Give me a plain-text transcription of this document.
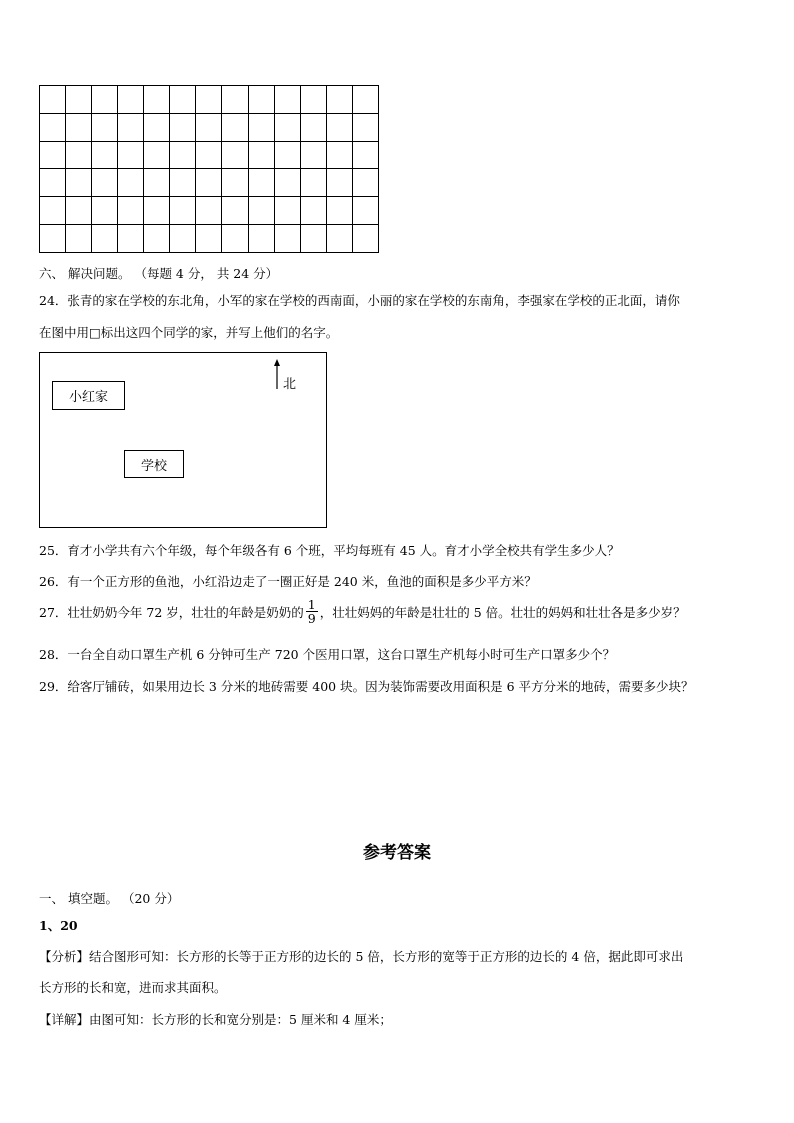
六、 解决问题。 （每题 4 分， 共 24 分）
24．张青的家在学校的东北角，小军的家在学校的西南面，小丽的家在学校的东南角，李强家在学校的正北面，请你
在图中用□标出这四个同学的家，并写上他们的名字。
小红家
学校
北
25．育才小学共有六个年级，每个年级各有 6 个班，平均每班有 45 人。育才小学全校共有学生多少人？
26．有一个正方形的鱼池，小红沿边走了一圈正好是 240 米，鱼池的面积是多少平方米？
27．壮壮奶奶今年 72 岁，壮壮的年龄是奶奶的 $\frac{1}{9}$ ，壮壮妈妈的年龄是壮壮的 5 倍。壮壮的妈妈和壮壮各是多少岁？
28．一台全自动口罩生产机 6 分钟可生产 720 个医用口罩，这台口罩生产机每小时可生产口罩多少个？
29．给客厅铺砖，如果用边长 3 分米的地砖需要 400 块。因为装饰需要改用面积是 6 平方分米的地砖，需要多少块？
参考答案
一、 填空题。 （20 分）
1、20
【分析】结合图形可知：长方形的长等于正方形的边长的 5 倍，长方形的宽等于正方形的边长的 4 倍，据此即可求出
长方形的长和宽，进而求其面积。
【详解】由图可知：长方形的长和宽分别是：5 厘米和 4 厘米；
